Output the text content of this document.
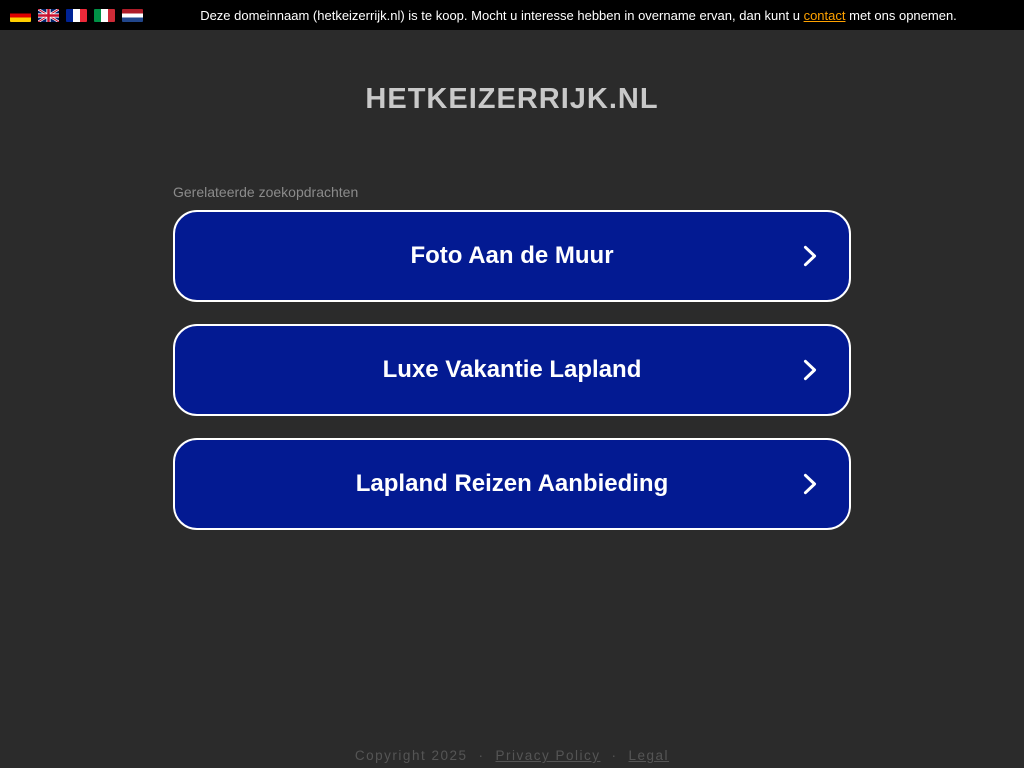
Deze domeinnaam (hetkeizerrijk.nl) is te koop. Mocht u interesse hebben in overname ervan, dan kunt u contact met ons opnemen.
HETKEIZERRIJK.NL
Gerelateerde zoekopdrachten
Foto Aan de Muur
Luxe Vakantie Lapland
Lapland Reizen Aanbieding
Copyright 2025 · Privacy Policy · Legal
